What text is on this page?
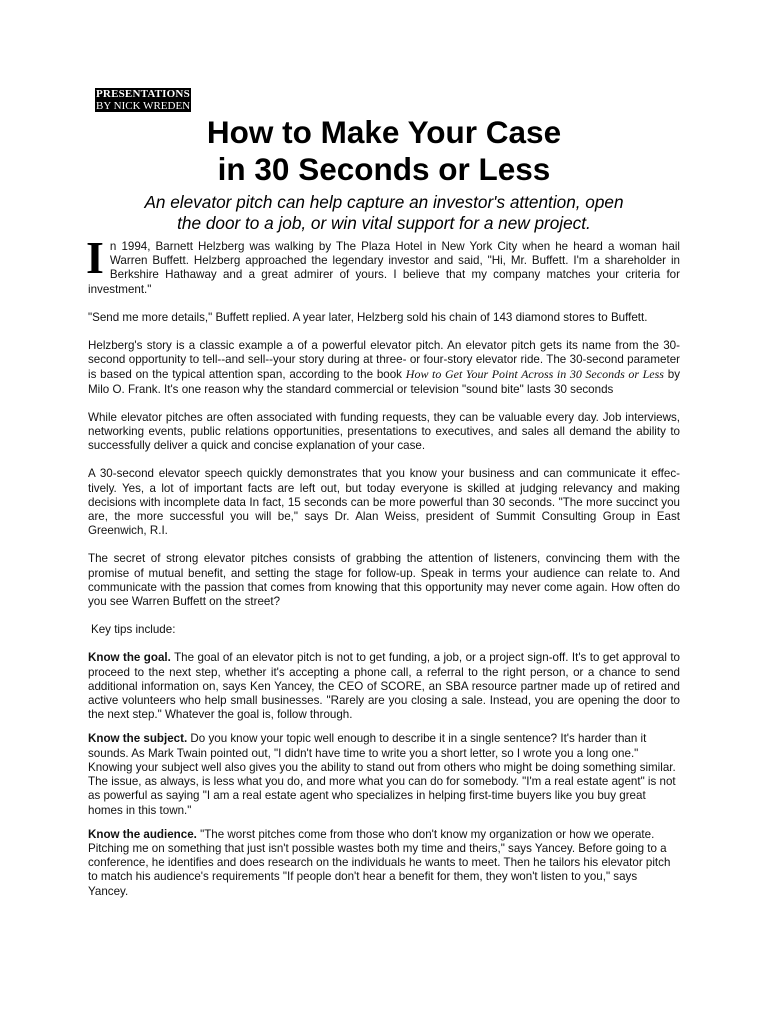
PRESENTATIONS
BY NICK WREDEN
How to Make Your Case
in 30 Seconds or Less
An elevator pitch can help capture an investor's attention, open
the door to a job, or win vital support for a new project.

In 1994, Barnett Helzberg was walking by The Plaza Hotel in New York City when he heard a woman hail Warren Buffett. Helzberg approached the legendary investor and said, "Hi, Mr. Buffett. I'm a shareholder in Berkshire Hathaway and a great admirer of yours. I believe that my company matches your criteria for investment."

"Send me more details," Buffett replied. A year later, Helzberg sold his chain of 143 diamond stores to Buffett.

Helzberg's story is a classic example a of a powerful elevator pitch. An elevator pitch gets its name from the 30-second opportunity to tell--and sell--your story during at three- or four-story elevator ride. The 30-second parameter is based on the typical attention span, according to the book How to Get Your Point Across in 30 Seconds or Less by Milo O. Frank. It's one reason why the standard commercial or television "sound bite" lasts 30 seconds

While elevator pitches are often associated with funding requests, they can be valuable every day. Job interviews, networking events, public relations opportunities, presentations to executives, and sales all demand the ability to successfully deliver a quick and concise explanation of your case.

A 30-second elevator speech quickly demonstrates that you know your business and can communicate it effec-tively. Yes, a lot of important facts are left out, but today everyone is skilled at judging relevancy and making decisions with incomplete data In fact, 15 seconds can be more powerful than 30 seconds. "The more succinct you are, the more successful you will be," says Dr. Alan Weiss, president of Summit Consulting Group in East Greenwich, R.I.

The secret of strong elevator pitches consists of grabbing the attention of listeners, convincing them with the promise of mutual benefit, and setting the stage for follow-up. Speak in terms your audience can relate to. And communicate with the passion that comes from knowing that this opportunity may never come again. How often do you see Warren Buffett on the street?

Key tips include:

Know the goal. The goal of an elevator pitch is not to get funding, a job, or a project sign-off. It's to get approval to proceed to the next step, whether it's accepting a phone call, a referral to the right person, or a chance to send additional information on, says Ken Yancey, the CEO of SCORE, an SBA resource partner made up of retired and active volunteers who help small businesses. "Rarely are you closing a sale. Instead, you are opening the door to the next step." Whatever the goal is, follow through.

Know the subject. Do you know your topic well enough to describe it in a single sentence? It's harder than it sounds. As Mark Twain pointed out, "I didn't have time to write you a short letter, so I wrote you a long one." Knowing your subject well also gives you the ability to stand out from others who might be doing something similar. The issue, as always, is less what you do, and more what you can do for somebody. "I'm a real estate agent" is not as powerful as saying "I am a real estate agent who specializes in helping first-time buyers like you buy great homes in this town."

Know the audience. "The worst pitches come from those who don't know my organization or how we operate. Pitching me on something that just isn't possible wastes both my time and theirs," says Yancey. Before going to a conference, he identifies and does research on the individuals he wants to meet. Then he tailors his elevator pitch to match his audience's requirements "If people don't hear a benefit for them, they won't listen to you," says Yancey.
